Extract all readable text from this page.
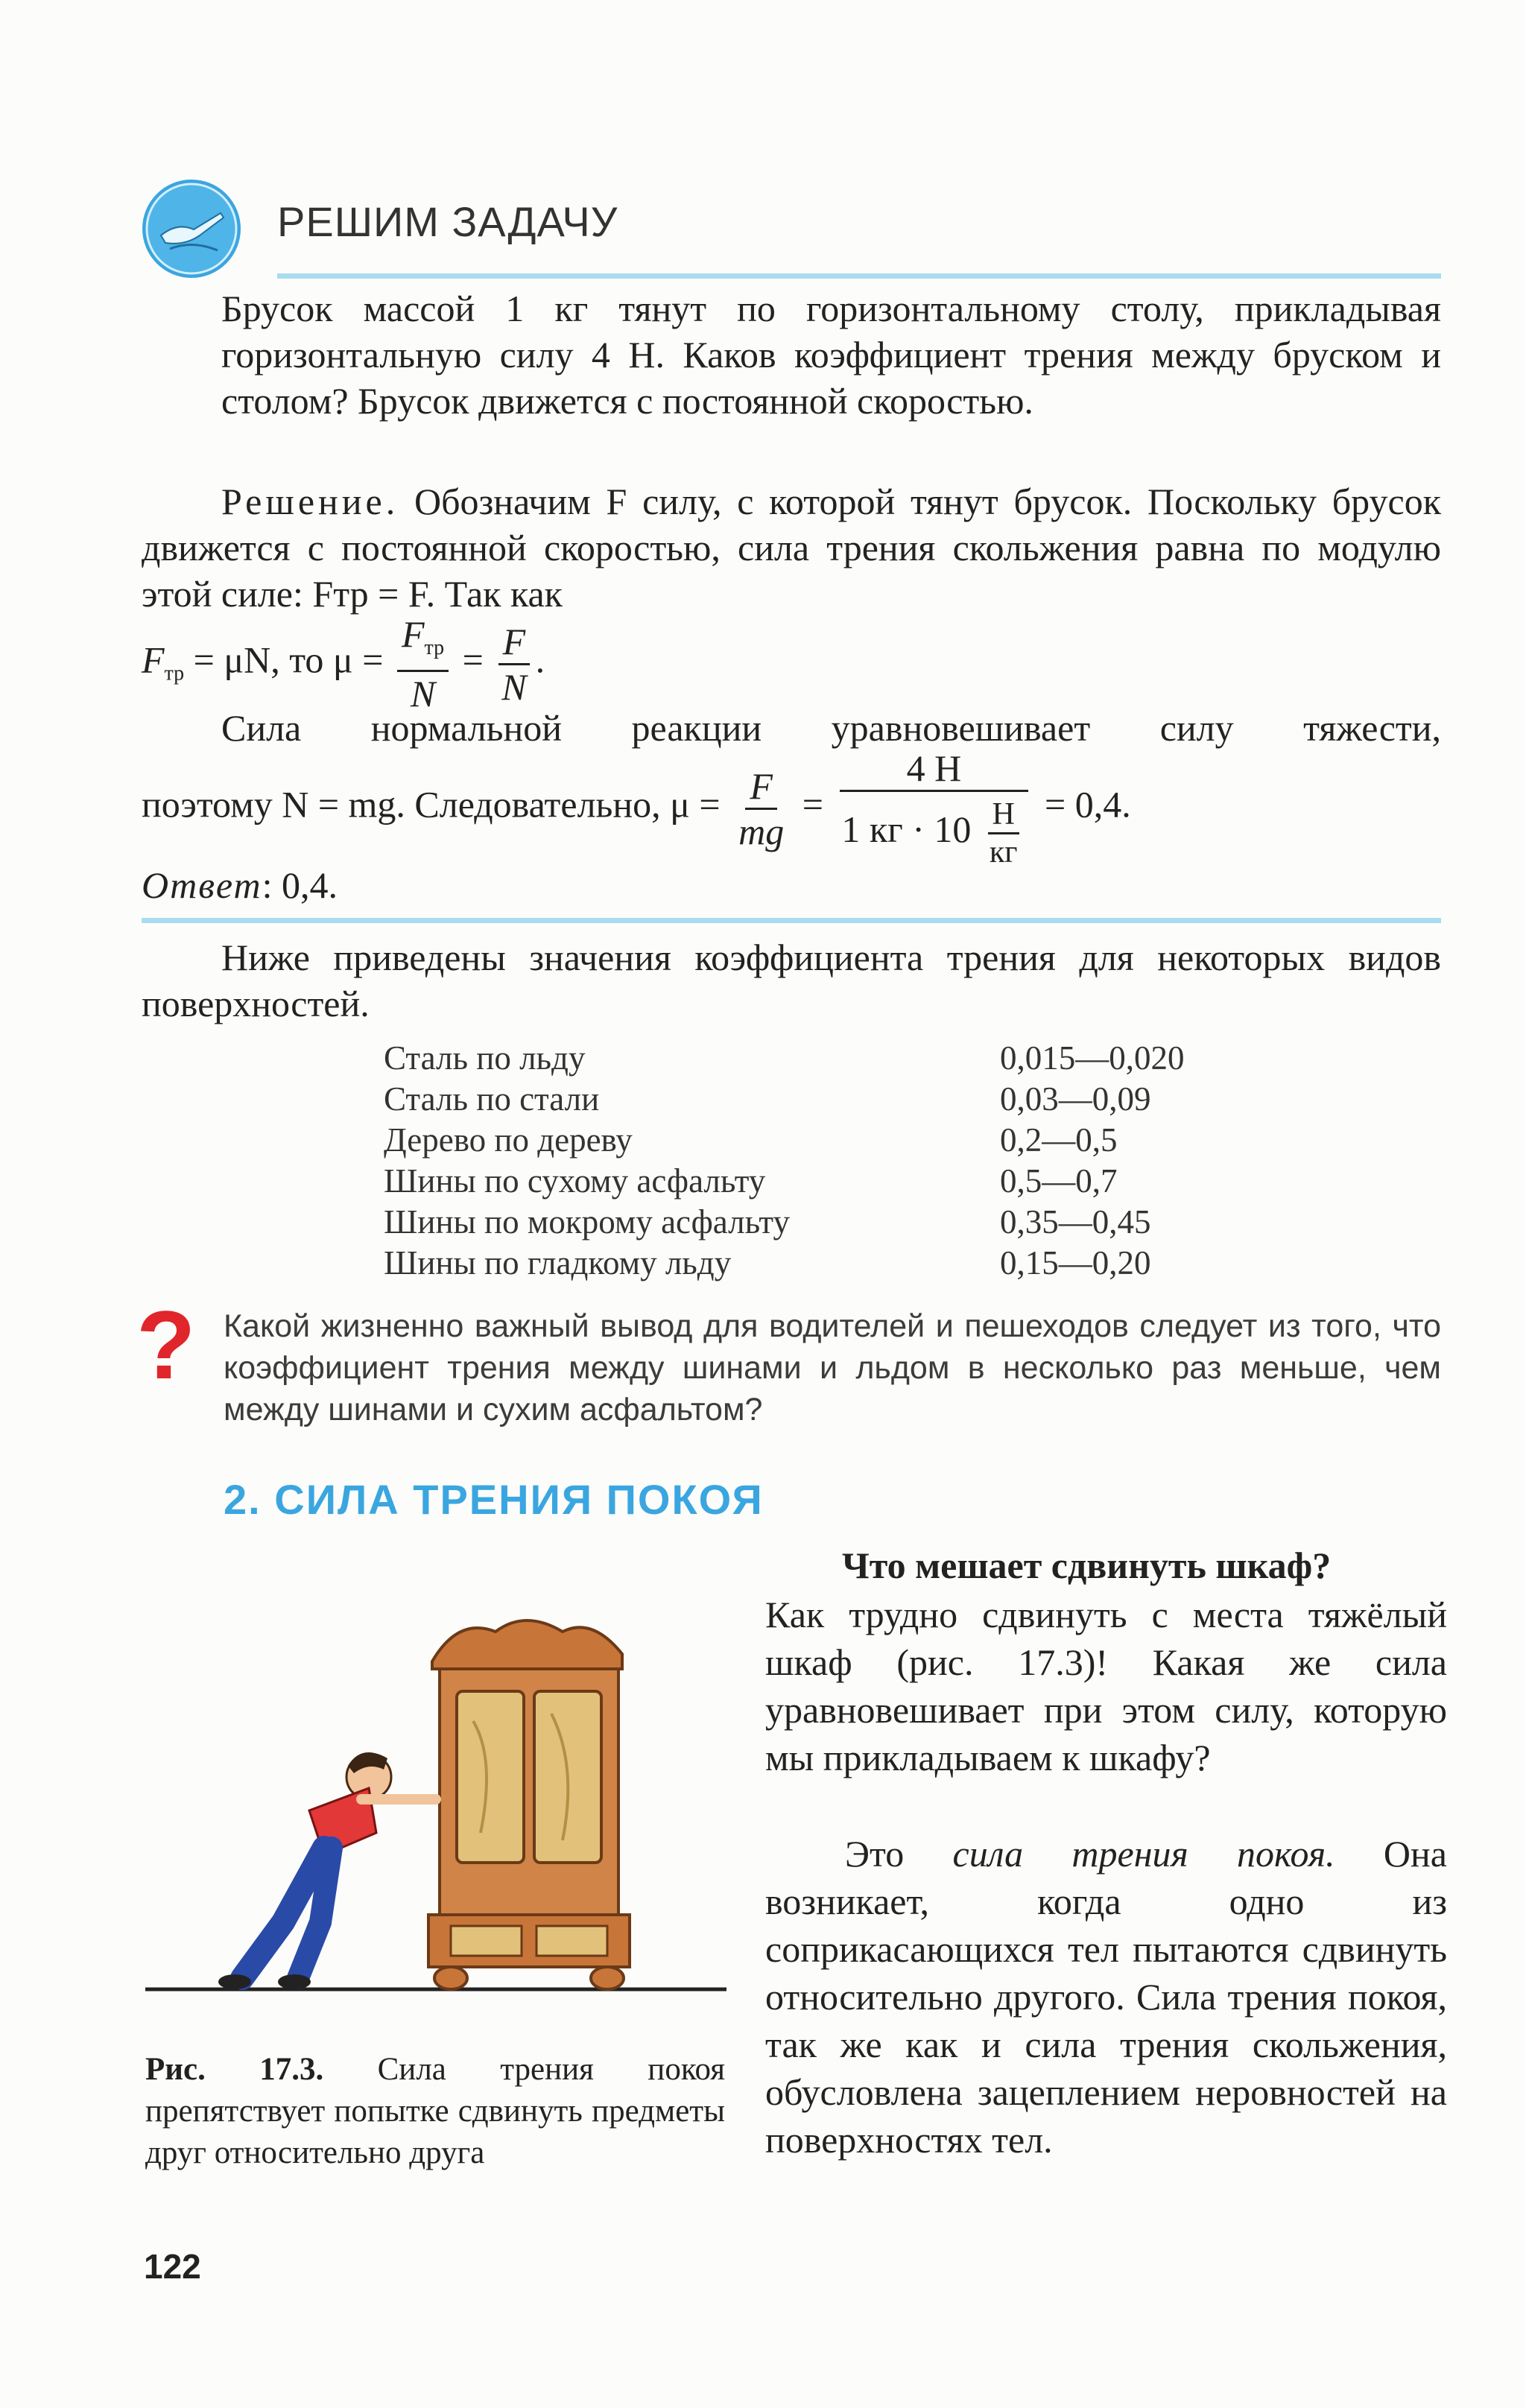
РЕШИМ ЗАДАЧУ
Брусок массой 1 кг тянут по горизонтальному столу, прикладывая горизонтальную силу 4 Н. Каков коэффициент трения между бруском и столом? Брусок движется с постоянной скоростью.
Решение. Обозначим F силу, с которой тянут брусок. Поскольку брусок движется с постоянной скоростью, сила трения скольжения равна по модулю этой силе: Fтр = F. Так как
$F_{тр} = \mu N$, то $\mu = \frac{F_{тр}}{N} = \frac{F}{N}$ .
Сила нормальной реакции уравновешивает силу тяжести,
поэтому N = mg. Следовательно, $\mu = \frac{F}{mg} = \frac{4 Н}{1 кг \cdot 10 \frac{Н}{кг}} = 0,4$.
Ответ: 0,4.
Ниже приведены значения коэффициента трения для некоторых видов поверхностей.
Сталь по льду	0,015—0,020
Сталь по стали	0,03—0,09
Дерево по дереву	0,2—0,5
Шины по сухому асфальту	0,5—0,7
Шины по мокрому асфальту	0,35—0,45
Шины по гладкому льду	0,15—0,20
? Какой жизненно важный вывод для водителей и пешеходов следует из того, что коэффициент трения между шинами и льдом в несколько раз меньше, чем между шинами и сухим асфальтом?
2. СИЛА ТРЕНИЯ ПОКОЯ
Что мешает сдвинуть шкаф?
Как трудно сдвинуть с места тяжёлый шкаф (рис. 17.3)! Какая же сила уравновешивает при этом силу, которую мы прикладываем к шкафу?
Это сила трения покоя. Она возникает, когда одно из соприкасающихся тел пытаются сдвинуть относительно другого. Сила трения покоя, так же как и сила трения скольжения, обусловлена зацеплением неровностей на поверхностях тел.
Рис. 17.3. Сила трения покоя препятствует попытке сдвинуть предметы друг относительно друга
122
